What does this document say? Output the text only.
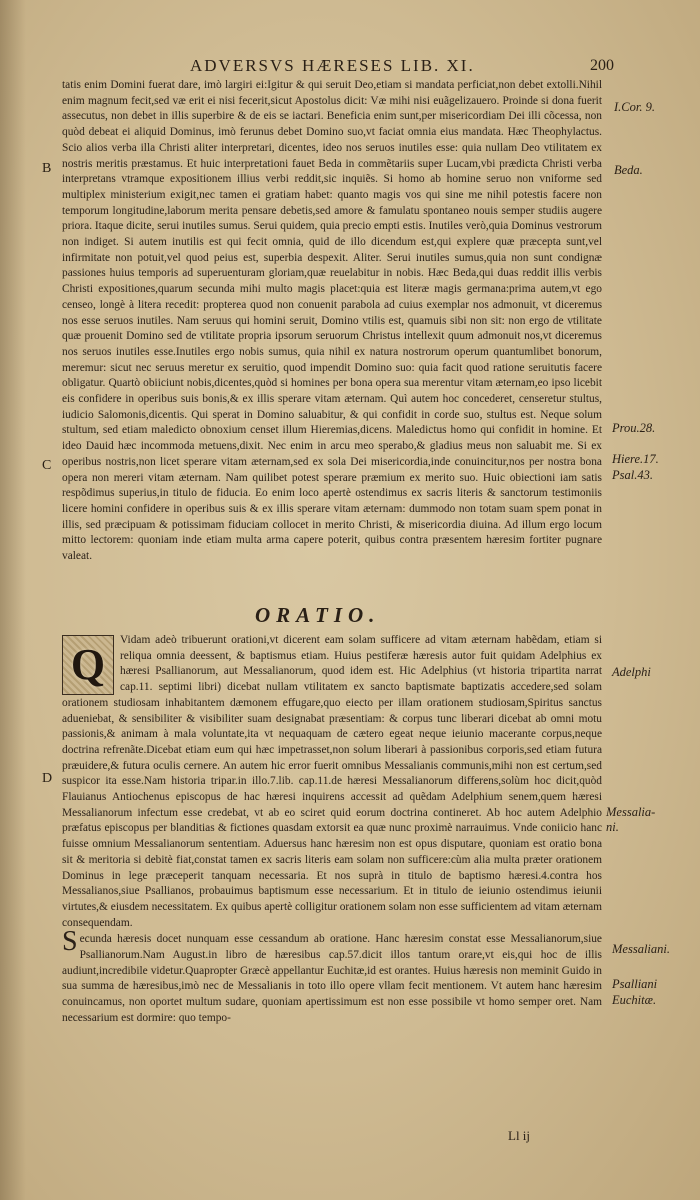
ADVERSVS HÆRESES LIB. XI.	200

tatis enim Domini fuerat dare, imò largiri ei:Igitur & qui seruit Deo,etiam si mandata perficiat,non debet extolli.Nihil enim magnum fecit,sed væ erit ei nisi fecerit,sicut Apostolus dicit: Væ mihi nisi euãgelizauero. Proinde si dona fuerit assecutus, non debet in illis superbire & de eis se iactari. Beneficia enim sunt,per misericordiam Dei illi cõcessa, non quòd debeat ei aliquid Dominus, imò ferunus debet Domino suo,vt faciat omnia eius mandata. Hæc Theophylactus. Scio alios verba illa Christi aliter interpretari, dicentes, ideo nos seruos inutiles esse: quia nullam Deo vtilitatem ex nostris meritis præstamus. Et huic interpretationi fauet Beda in commẽtariis super Lucam,vbi prædicta Christi verba interpretans vtramque expositionem illius verbi reddit,sic inquiẽs. Si homo ab homine seruo non vniforme sed multiplex ministerium exigit,nec tamen ei gratiam habet: quanto magis vos qui sine me nihil potestis facere non temporum longitudine,laborum merita pensare debetis,sed amore & famulatu spontaneo nouis semper studiis augere priora. Itaque dicite, serui inutiles sumus. Serui quidem, quia precio empti estis. Inutiles verò,quia Dominus vestrorum non indiget. Si autem inutilis est qui fecit omnia, quid de illo dicendum est,qui explere quæ præcepta sunt,vel infirmitate non potuit,vel quod peius est, superbia despexit. Aliter. Serui inutiles sumus,quia non sunt condignæ passiones huius temporis ad superuenturam gloriam,quæ reuelabitur in nobis. Hæc Beda,qui duas reddit illis verbis Christi expositiones,quarum secunda mihi multo magis placet:quia est literæ magis germana:prima autem,vt ego censeo, longè à litera recedit: propterea quod non conuenit parabola ad cuius exemplar nos admonuit, vt diceremus nos esse seruos inutiles. Nam seruus qui homini seruit, Domino vtilis est, quamuis sibi non sit: non ergo de vtilitate quæ prouenit Domino sed de vtilitate propria ipsorum seruorum Christus intellexit quum admonuit nos,vt diceremus nos seruos inutiles esse.Inutiles ergo nobis sumus, quia nihil ex natura nostrorum operum quantumlibet bonorum, meremur: sicut nec seruus meretur ex seruitio, quod impendit Domino suo: quia facit quod ratione seruitutis facere obligatur. Quartò obiiciunt nobis,dicentes,quòd si homines per bona opera sua merentur vitam æternam,eo ipso licebit eis confidere in operibus suis bonis,& ex illis sperare vitam æternam. Quì autem hoc concederet, censeretur stultus, iudicio Salomonis,dicentis. Qui sperat in Domino saluabitur, & qui confidit in corde suo, stultus est. Neque solum stultum, sed etiam maledicto obnoxium censet illum Hieremias,dicens. Maledictus homo qui confidit in homine. Et ideo Dauid hæc incommoda metuens,dixit. Nec enim in arcu meo sperabo,& gladius meus non saluabit me. Si ex operibus nostris,non licet sperare vitam æternam,sed ex sola Dei misericordia,inde conuincitur,nos per nostra bona opera non mereri vitam æternam. Nam quilibet potest sperare præmium ex merito suo. Huic obiectioni iam satis respõdimus superius,in titulo de fiducia. Eo enim loco apertè ostendimus ex sacris literis & sanctorum testimoniis licere homini confidere in operibus suis & ex illis sperare vitam æternam: dummodo non totam suam spem ponat in illis, sed præcipuam & potissimam fiduciam collocet in merito Christi, & misericordia diuina. Ad illum ergo locum mitto lectorem: quoniam inde etiam multa arma capere poterit, quibus contra præsentem hæresim fortiter pugnare valeat.

ORATIO.
Q

Vidam adeò tribuerunt orationi,vt dicerent eam solam sufficere ad vitam æternam habẽdam, etiam si reliqua omnia deessent, & baptismus etiam. Huius pestiferæ hæresis autor fuit quidam Adelphius ex hæresi Psallianorum, aut Messalianorum, quod idem est. Hic Adelphius (vt historia tripartita narrat cap.11. septimi libri) dicebat nullam vtilitatem ex sancto baptismate baptizatis accedere,sed solam orationem studiosam inhabitantem dæmonem effugare,quo eiecto per illam orationem studiosam,Spiritus sanctus adueniebat, & sensibiliter & visibiliter suam designabat præsentiam: & corpus tunc liberari dicebat ab omni motu passionis,& animam à mala voluntate,ita vt nequaquam de cætero egeat neque ieiunio macerante corpus,neque doctrina refrenãte.Dicebat etiam eum qui hæc impetrasset,non solum liberari à passionibus corporis,sed etiam futura præuidere,& futura oculis cernere. An autem hic error fuerit omnibus Messalianis communis,mihi non est certum,sed suspicor ita esse.Nam historia tripar.in illo.7.lib. cap.11.de hæresi Messalianorum differens,solùm hoc dicit,quòd Flauianus Antiochenus episcopus de hac hæresi inquirens accessit ad quẽdam Adelphium senem,quem hæresi Messalianorum infectum esse credebat, vt ab eo sciret quid eorum doctrina contineret. Ab hoc autem Adelphio præfatus episcopus per blanditias & fictiones quasdam extorsit ea quæ nunc proximè narrauimus. Vnde coniicio hanc fuisse omnium Messalianorum sententiam. Aduersus hanc hæresim non est opus disputare, quoniam est oratio bona sit & meritoria si debitè fiat,constat tamen ex sacris literis eam solam non sufficere:cùm alia multa præter orationem Dominus in lege præceperit tanquam necessaria. Et nos suprà in titulo de baptismo hæresi.4.contra hos Messalianos,siue Psallianos, probauimus baptismum esse necessarium. Et in titulo de ieiunio ostendimus ieiunii virtutes,& eiusdem necessitatem. Ex quibus apertè colligitur orationem solam non esse sufficientem ad vitam æternam consequendam.

Secunda hæresis docet nunquam esse cessandum ab oratione. Hanc hæresim constat esse Messalianorum,siue Psallianorum.Nam August.in libro de hæresibus cap.57.dicit illos tantum orare,vt eis,qui hoc de illis audiunt,incredibile videtur.Quapropter Græcè appellantur Euchitæ,id est orantes. Huius hæresis non meminit Guido in sua summa de hæresibus,imò nec de Messalianis in toto illo opere vllam fecit mentionem. Vt autem hanc hæresim conuincamus, non oportet multum sudare, quoniam apertissimum est non esse possibile vt homo semper oret. Nam necessarium est dormire: quo tempo-

B
C
D
I.Cor. 9.
Beda.
Prou.28.
Hiere.17.
Psal.43.
Adelphi
Messalia-ni.
Messaliani.
Psalliani
Euchitæ.
Ll ij
